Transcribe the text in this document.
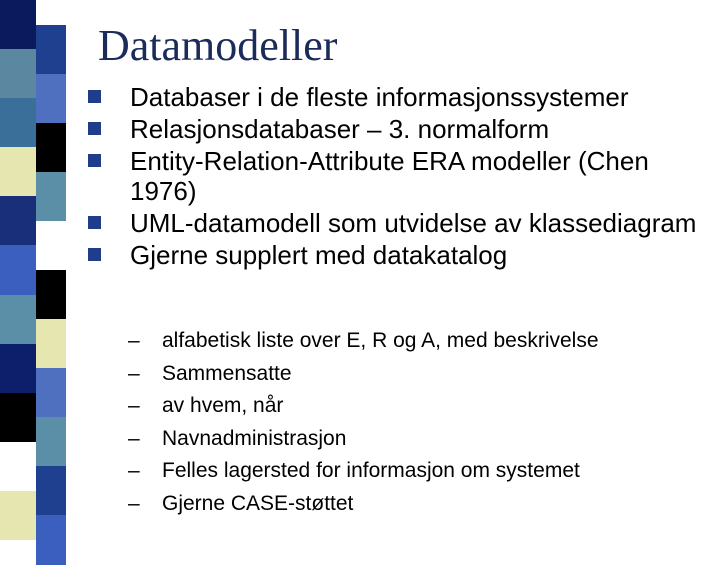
Datamodeller
Databaser i de fleste informasjonssystemer
Relasjonsdatabaser – 3. normalform
Entity-Relation-Attribute ERA modeller (Chen 1976)
UML-datamodell som utvidelse av klassediagram
Gjerne supplert med datakatalog
– alfabetisk liste over E, R og A, med beskrivelse
– Sammensatte
– av hvem, når
– Navnadministrasjon
– Felles lagersted for informasjon om systemet
– Gjerne CASE-støttet
